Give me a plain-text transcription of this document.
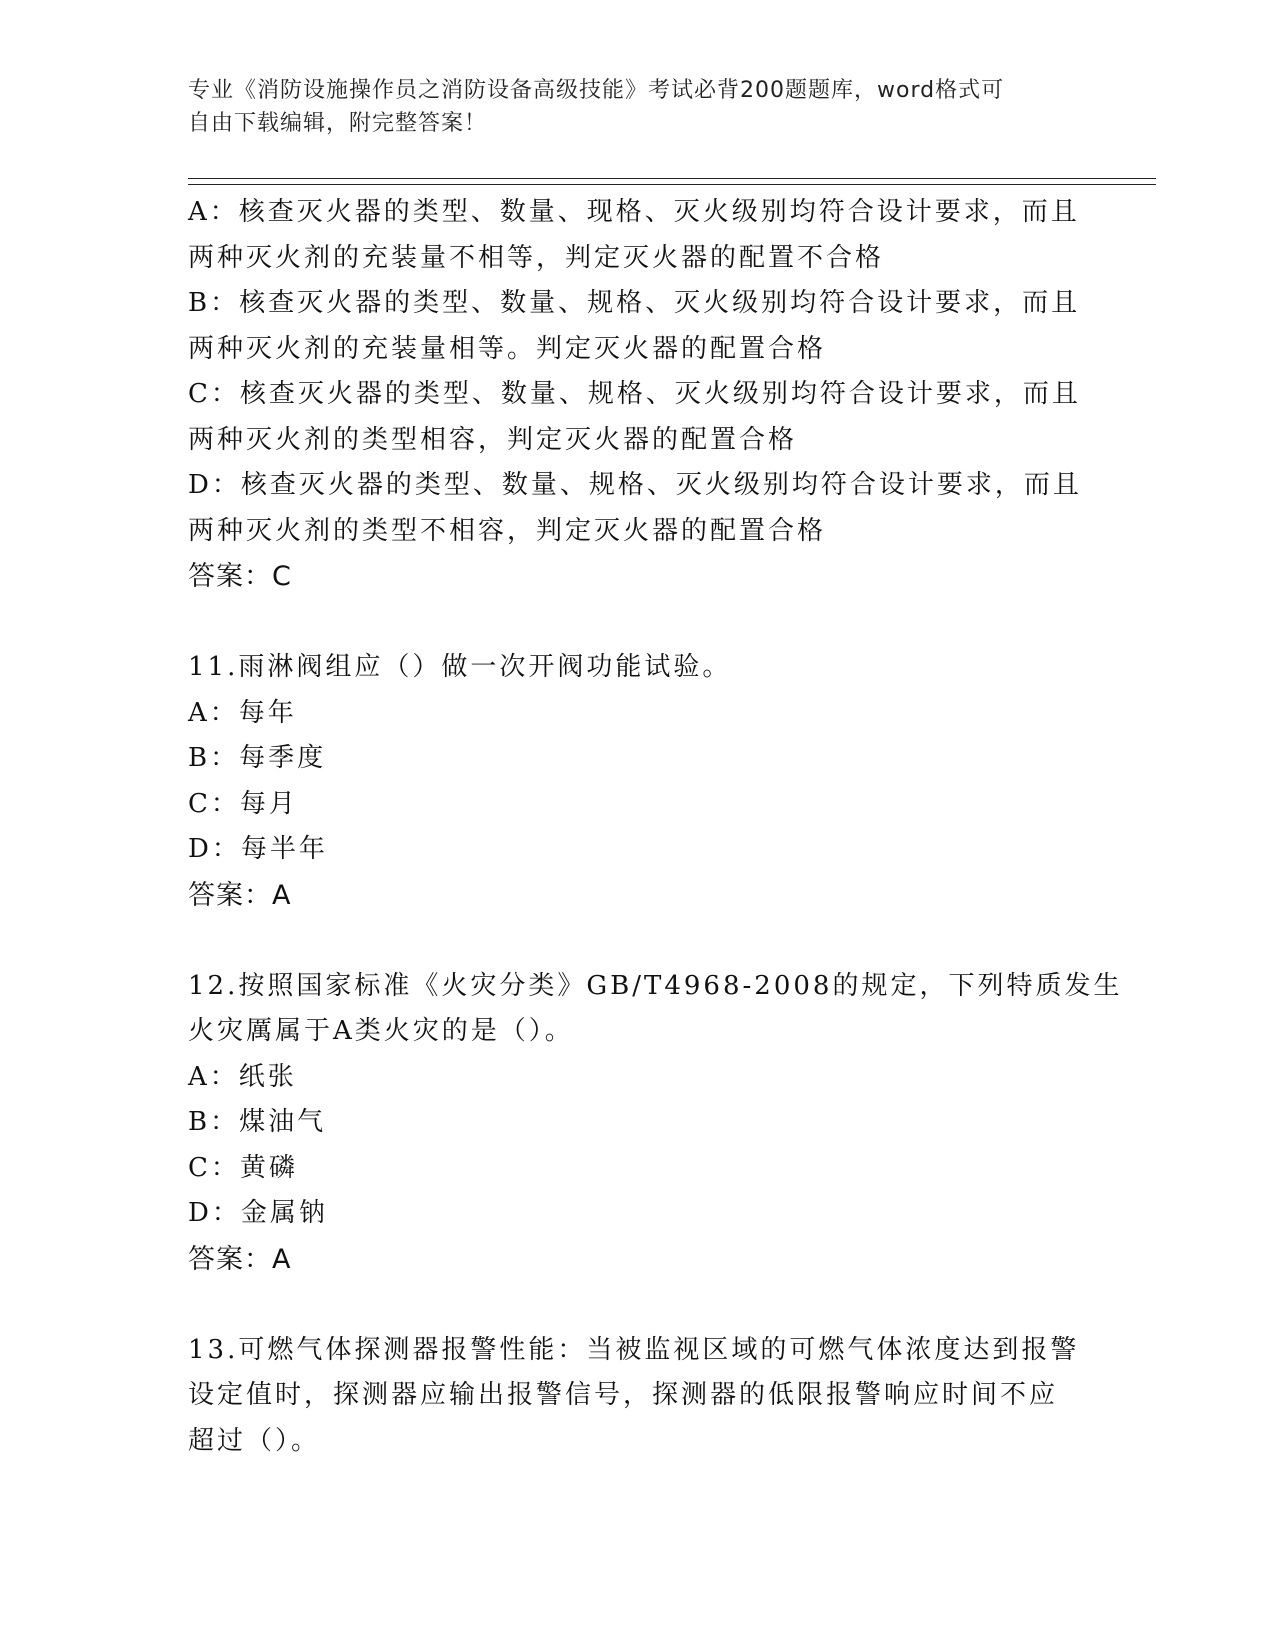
专业《消防设施操作员之消防设备高级技能》考试必背200题题库，word格式可
自由下载编辑，附完整答案！
A：核查灭火器的类型、数量、现格、灭火级别均符合设计要求，而且
两种灭火剂的充装量不相等，判定灭火器的配置不合格
B：核查灭火器的类型、数量、规格、灭火级别均符合设计要求，而且
两种灭火剂的充装量相等。判定灭火器的配置合格
C：核查灭火器的类型、数量、规格、灭火级别均符合设计要求，而且
两种灭火剂的类型相容，判定灭火器的配置合格
D：核查灭火器的类型、数量、规格、灭火级别均符合设计要求，而且
两种灭火剂的类型不相容，判定灭火器的配置合格
答案：C
11.雨淋阀组应（）做一次开阀功能试验。
A：每年
B：每季度
C：每月
D：每半年
答案：A
12.按照国家标准《火灾分类》GB/T4968-2008的规定，下列特质发生
火灾厲属于A类火灾的是（）。
A：纸张
B：煤油气
C：黄磷
D：金属钠
答案：A
13.可燃气体探测器报警性能：当被监视区域的可燃气体浓度达到报警
设定值时，探测器应输出报警信号，探测器的低限报警响应时间不应
超过（）。
